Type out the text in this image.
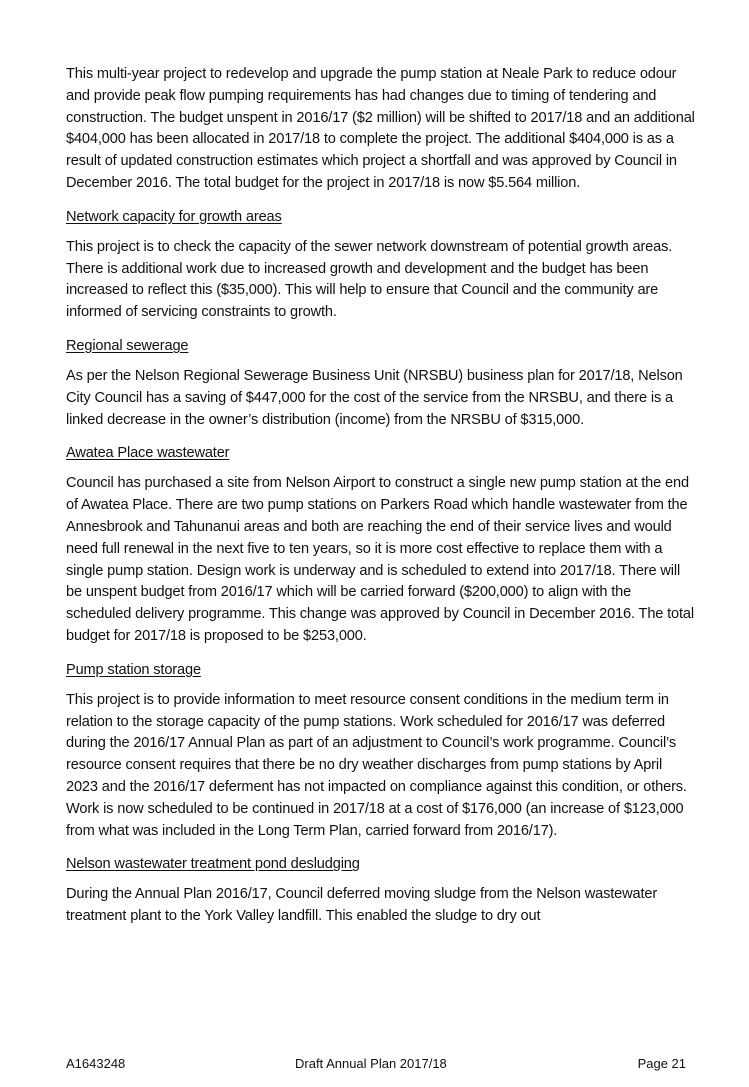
This multi-year project to redevelop and upgrade the pump station at Neale Park to reduce odour and provide peak flow pumping requirements has had changes due to timing of tendering and construction. The budget unspent in 2016/17 ($2 million) will be shifted to 2017/18 and an additional $404,000 has been allocated in 2017/18 to complete the project. The additional $404,000 is as a result of updated construction estimates which project a shortfall and was approved by Council in December 2016. The total budget for the project in 2017/18 is now $5.564 million.

Network capacity for growth areas

This project is to check the capacity of the sewer network downstream of potential growth areas. There is additional work due to increased growth and development and the budget has been increased to reflect this ($35,000). This will help to ensure that Council and the community are informed of servicing constraints to growth.

Regional sewerage

As per the Nelson Regional Sewerage Business Unit (NRSBU) business plan for 2017/18, Nelson City Council has a saving of $447,000 for the cost of the service from the NRSBU, and there is a linked decrease in the owner’s distribution (income) from the NRSBU of $315,000.

Awatea Place wastewater

Council has purchased a site from Nelson Airport to construct a single new pump station at the end of Awatea Place. There are two pump stations on Parkers Road which handle wastewater from the Annesbrook and Tahunanui areas and both are reaching the end of their service lives and would need full renewal in the next five to ten years, so it is more cost effective to replace them with a single pump station. Design work is underway and is scheduled to extend into 2017/18. There will be unspent budget from 2016/17 which will be carried forward ($200,000) to align with the scheduled delivery programme. This change was approved by Council in December 2016. The total budget for 2017/18 is proposed to be $253,000.

Pump station storage

This project is to provide information to meet resource consent conditions in the medium term in relation to the storage capacity of the pump stations. Work scheduled for 2016/17 was deferred during the 2016/17 Annual Plan as part of an adjustment to Council’s work programme. Council’s resource consent requires that there be no dry weather discharges from pump stations by April 2023 and the 2016/17 deferment has not impacted on compliance against this condition, or others. Work is now scheduled to be continued in 2017/18 at a cost of $176,000 (an increase of $123,000 from what was included in the Long Term Plan, carried forward from 2016/17).

Nelson wastewater treatment pond desludging

During the Annual Plan 2016/17, Council deferred moving sludge from the Nelson wastewater treatment plant to the York Valley landfill. This enabled the sludge to dry out

A1643248	Draft Annual Plan 2017/18	Page 21
